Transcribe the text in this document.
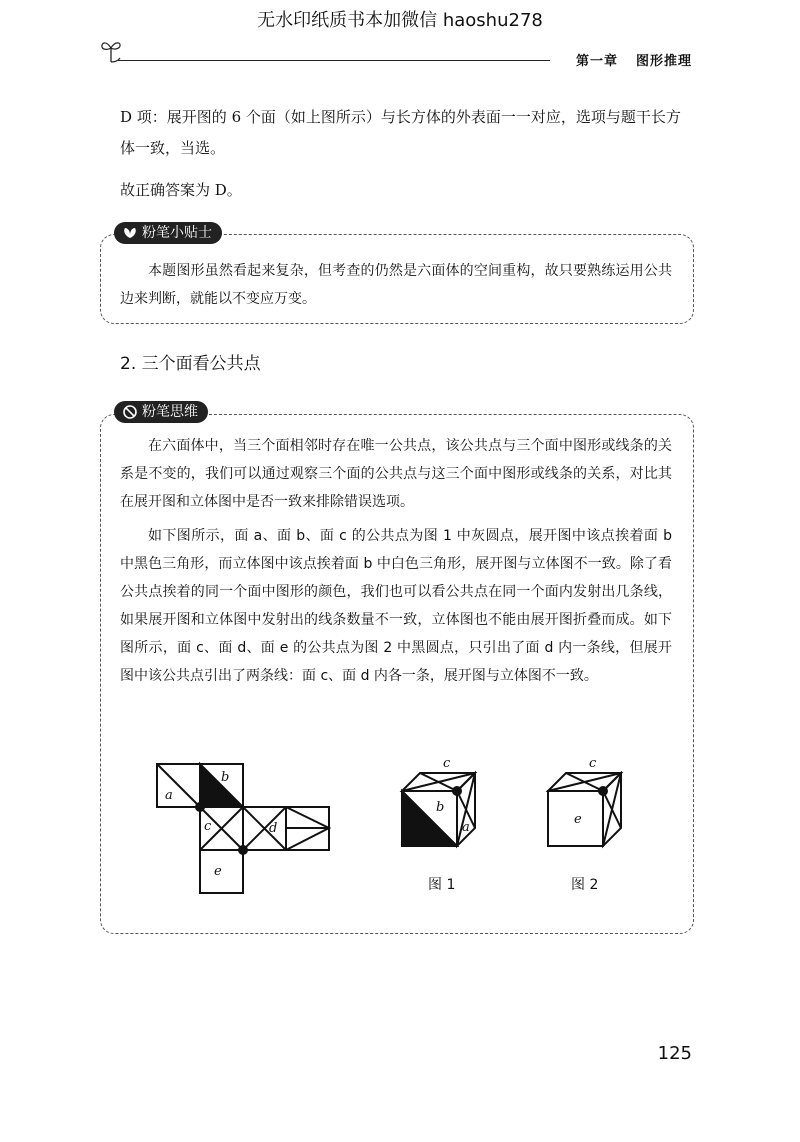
无水印纸质书本加微信 haoshu278
第一章 图形推理
D 项：展开图的 6 个面（如上图所示）与长方体的外表面一一对应，选项与题干长方体一致，当选。
故正确答案为 D。
粉笔小贴士

本题图形虽然看起来复杂，但考查的仍然是六面体的空间重构，故只要熟练运用公共边来判断，就能以不变应万变。

2. 三个面看公共点
粉笔思维

在六面体中，当三个面相邻时存在唯一公共点，该公共点与三个面中图形或线条的关系是不变的，我们可以通过观察三个面的公共点与这三个面中图形或线条的关系，对比其在展开图和立体图中是否一致来排除错误选项。

如下图所示，面 a、面 b、面 c 的公共点为图 1 中灰圆点，展开图中该点挨着面 b 中黑色三角形，而立体图中该点挨着面 b 中白色三角形，展开图与立体图不一致。除了看公共点挨着的同一个面中图形的颜色，我们也可以看公共点在同一个面内发射出几条线，如果展开图和立体图中发射出的线条数量不一致，立体图也不能由展开图折叠而成。如下图所示，面 c、面 d、面 e 的公共点为图 2 中黑圆点，只引出了面 d 内一条线，但展开图中该公共点引出了两条线：面 c、面 d 内各一条，展开图与立体图不一致。

a
b
c	d
e
c
b
a
c
e
图 1	图 2
125
